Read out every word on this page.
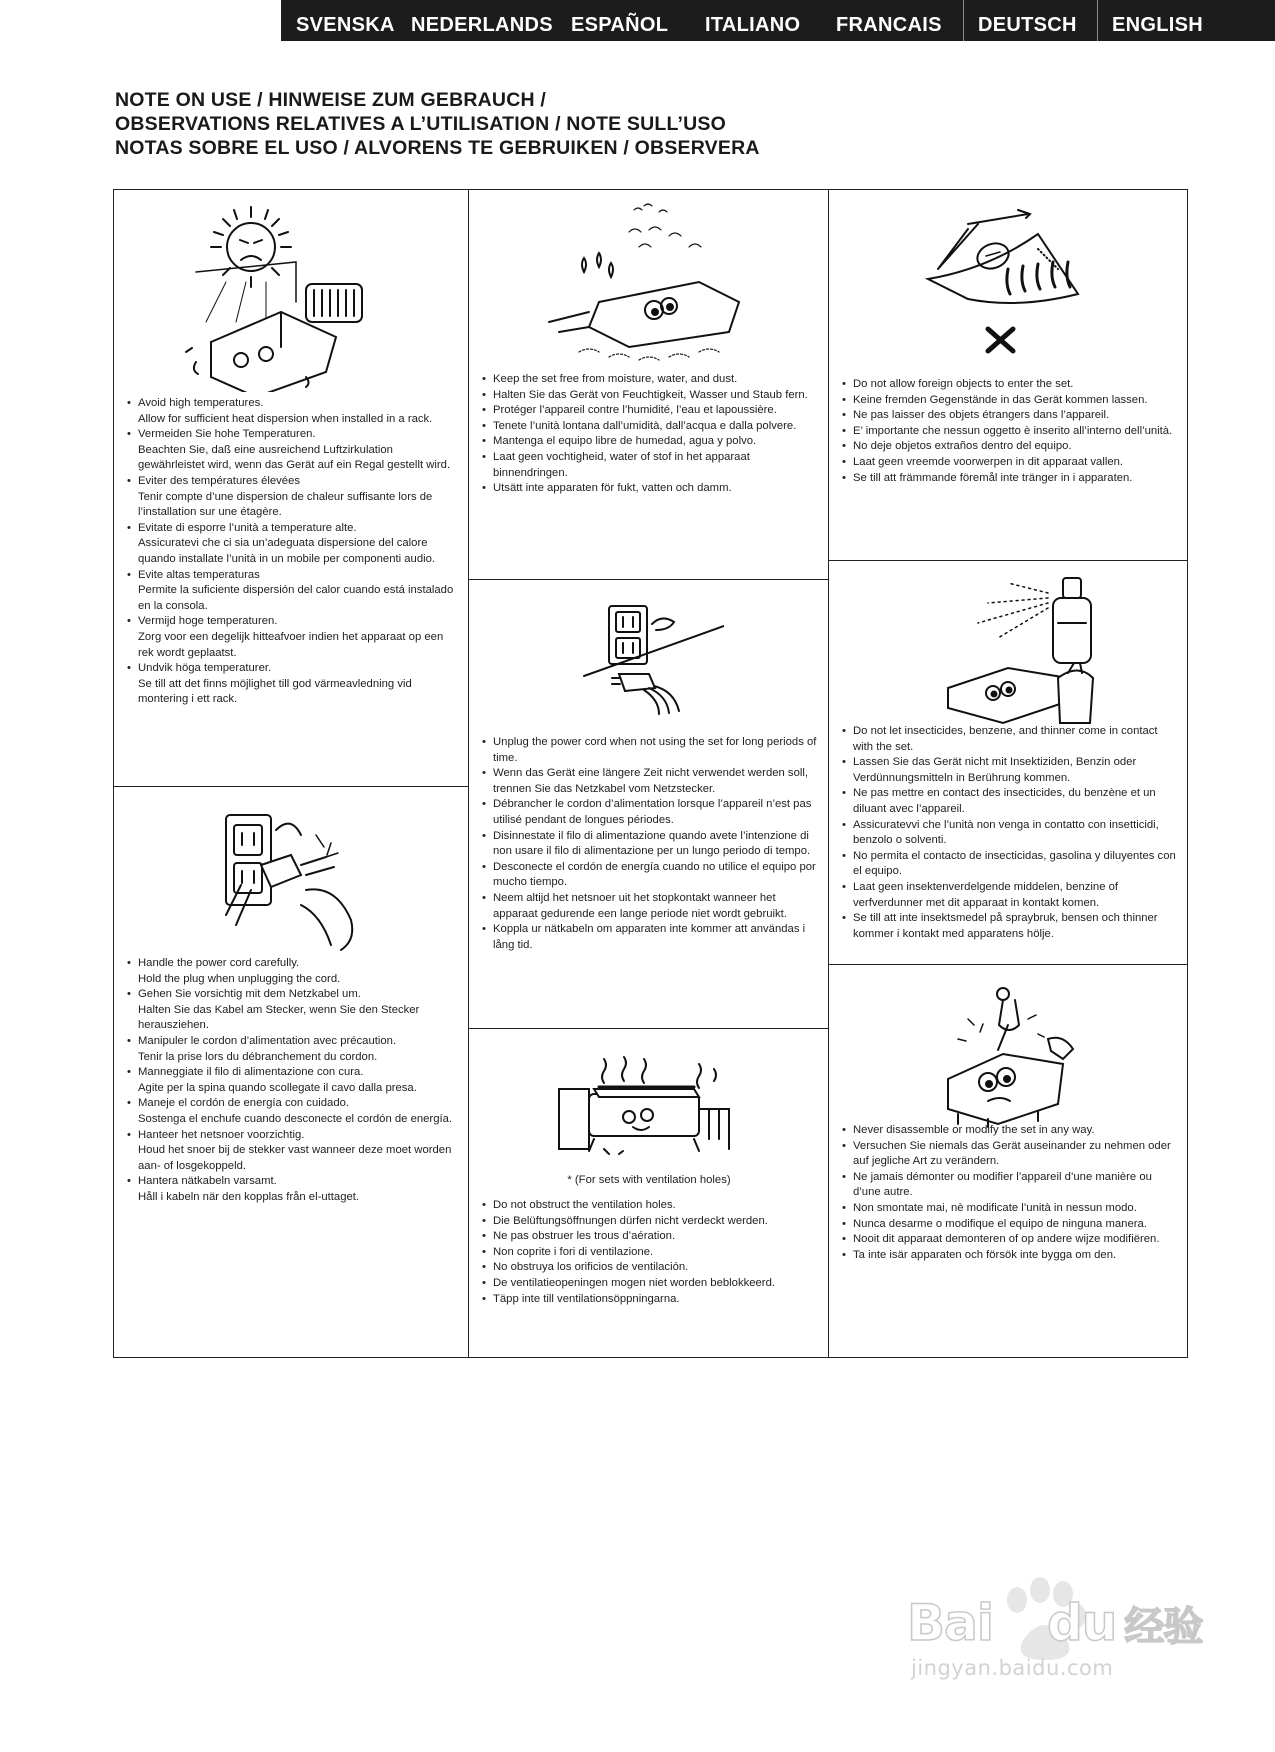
SVENSKA NEDERLANDS ESPAÑOL	ITALIANO	FRANCAIS	DEUTSCH	ENGLISH
NOTE ON USE / HINWEISE ZUM GEBRAUCH /
OBSERVATIONS RELATIVES A L’UTILISATION / NOTE SULL’USO
NOTAS SOBRE EL USO / ALVORENS TE GEBRUIKEN / OBSERVERA
• Avoid high temperatures.
Allow for sufficient heat dispersion when installed in a rack.
• Vermeiden Sie hohe Temperaturen.
Beachten Sie, daß eine ausreichend Luftzirkulation gewährleistet wird, wenn das Gerät auf ein Regal gestellt wird.
• Eviter des températures élevées
Tenir compte d’une dispersion de chaleur suffisante lors de l’installation sur une étagère.
• Evitate di esporre l’unità a temperature alte.
Assicuratevi che ci sia un’adeguata dispersione del calore quando installate l’unità in un mobile per componenti audio.
• Evite altas temperaturas
Permite la suficiente dispersión del calor cuando está instalado en la consola.
• Vermijd hoge temperaturen.
Zorg voor een degelijk hitteafvoer indien het apparaat op een rek wordt geplaatst.
• Undvik höga temperaturer.
Se till att det finns möjlighet till god värmeavledning vid montering i ett rack.
• Handle the power cord carefully.
Hold the plug when unplugging the cord.
• Gehen Sie vorsichtig mit dem Netzkabel um.
Halten Sie das Kabel am Stecker, wenn Sie den Stecker herausziehen.
• Manipuler le cordon d’alimentation avec précaution.
Tenir la prise lors du débranchement du cordon.
• Manneggiate il filo di alimentazione con cura.
Agite per la spina quando scollegate il cavo dalla presa.
• Maneje el cordón de energía con cuidado.
Sostenga el enchufe cuando desconecte el cordón de energía.
• Hanteer het netsnoer voorzichtig.
Houd het snoer bij de stekker vast wanneer deze moet worden aan- of losgekoppeld.
• Hantera nätkabeln varsamt.
Håll i kabeln när den kopplas från el-uttaget.
• Keep the set free from moisture, water, and dust.
• Halten Sie das Gerät von Feuchtigkeit, Wasser und Staub fern.
• Protéger l’appareil contre l’humidité, l’eau et lapoussière.
• Tenete l’unità lontana dall’umidità, dall’acqua e dalla polvere.
• Mantenga el equipo libre de humedad, agua y polvo.
• Laat geen vochtigheid, water of stof in het apparaat binnendringen.
• Utsätt inte apparaten för fukt, vatten och damm.
• Unplug the power cord when not using the set for long periods of time.
• Wenn das Gerät eine längere Zeit nicht verwendet werden soll, trennen Sie das Netzkabel vom Netzstecker.
• Débrancher le cordon d’alimentation lorsque l’appareil n’est pas utilisé pendant de longues périodes.
• Disinnestate il filo di alimentazione quando avete l’intenzione di non usare il filo di alimentazione per un lungo periodo di tempo.
• Desconecte el cordón de energía cuando no utilice el equipo por mucho tiempo.
• Neem altijd het netsnoer uit het stopkontakt wanneer het apparaat gedurende een lange periode niet wordt gebruikt.
• Koppla ur nätkabeln om apparaten inte kommer att användas i lång tid.
* (For sets with ventilation holes)
• Do not obstruct the ventilation holes.
• Die Belüftungsöffnungen dürfen nicht verdeckt werden.
• Ne pas obstruer les trous d’aération.
• Non coprite i fori di ventilazione.
• No obstruya los orificios de ventilación.
• De ventilatieopeningen mogen niet worden beblokkeerd.
• Täpp inte till ventilationsöppningarna.
• Do not allow foreign objects to enter the set.
• Keine fremden Gegenstände in das Gerät kommen lassen.
• Ne pas laisser des objets étrangers dans l’appareil.
• E’ importante che nessun oggetto è inserito all’interno dell’unità.
• No deje objetos extraños dentro del equipo.
• Laat geen vreemde voorwerpen in dit apparaat vallen.
• Se till att främmande föremål inte tränger in i apparaten.
• Do not let insecticides, benzene, and thinner come in contact with the set.
• Lassen Sie das Gerät nicht mit Insektiziden, Benzin oder Verdünnungsmitteln in Berührung kommen.
• Ne pas mettre en contact des insecticides, du benzène et un diluant avec l’appareil.
• Assicuratevvi che l’unità non venga in contatto con insetticidi, benzolo o solventi.
• No permita el contacto de insecticidas, gasolina y diluyentes con el equipo.
• Laat geen insektenverdelgende middelen, benzine of verfverdunner met dit apparaat in kontakt komen.
• Se till att inte insektsmedel på spraybruk, bensen och thinner kommer i kontakt med apparatens hölje.
• Never disassemble or modify the set in any way.
• Versuchen Sie niemals das Gerät auseinander zu nehmen oder auf jegliche Art zu verändern.
• Ne jamais démonter ou modifier l’appareil d’une manière ou d’une autre.
• Non smontate mai, nè modificate l’unità in nessun modo.
• Nunca desarme o modifique el equipo de ninguna manera.
• Nooit dit apparaat demonteren of op andere wijze modifiëren.
• Ta inte isär apparaten och försök inte bygga om den.
Bai du 经验
jingyan.baidu.com
